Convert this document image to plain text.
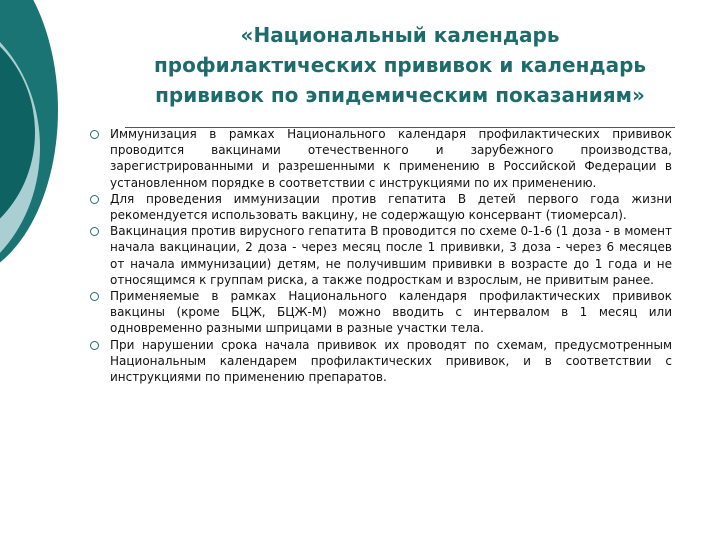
«Национальный календарь профилактических прививок и календарь прививок по эпидемическим показаниям»
Иммунизация в рамках Национального календаря профилактических прививок проводится вакцинами отечественного и зарубежного производства, зарегистрированными и разрешенными к применению в Российской Федерации в установленном порядке в соответствии с инструкциями по их применению.
Для проведения иммунизации против гепатита B детей первого года жизни рекомендуется использовать вакцину, не содержащую консервант (тиомерсал).
Вакцинация против вирусного гепатита B проводится по схеме 0-1-6 (1 доза - в момент начала вакцинации, 2 доза - через месяц после 1 прививки, 3 доза - через 6 месяцев от начала иммунизации) детям, не получившим прививки в возрасте до 1 года и не относящимся к группам риска, а также подросткам и взрослым, не привитым ранее.
Применяемые в рамках Национального календаря профилактических прививок вакцины (кроме БЦЖ, БЦЖ-М) можно вводить с интервалом в 1 месяц или одновременно разными шприцами в разные участки тела.
При нарушении срока начала прививок их проводят по схемам, предусмотренным Национальным календарем профилактических прививок, и в соответствии с инструкциями по применению препаратов.
